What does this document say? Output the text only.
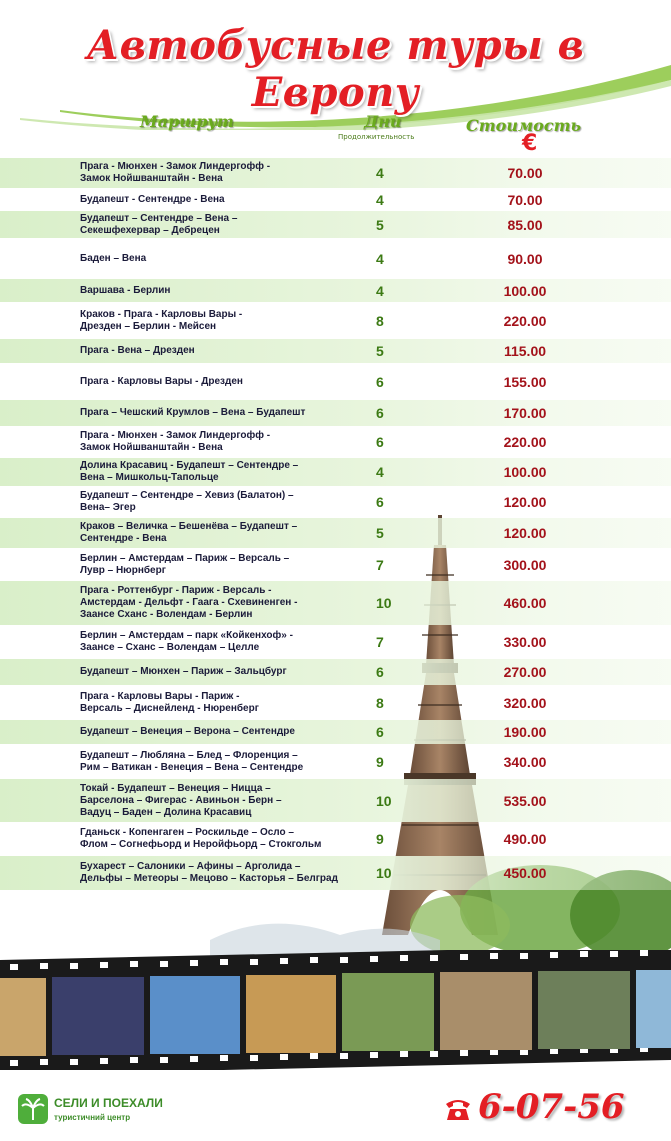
Автобусные туры в Европу
Маршрут	Дни
Продолжительность
Стоимость
€
Прага - Мюнхен - Замок Линдергофф -
Замок Нойшванштайн - Вена	4	70.00
Будапешт - Сентендре - Вена	4	70.00
Будапешт – Сентендре – Вена –
Секешфехервар – Дебрецен	5	85.00
Баден – Вена	4	90.00
Варшава - Берлин	4	100.00
Краков - Прага - Карловы Вары -
Дрезден – Берлин - Мейсен	8	220.00
Прага - Вена – Дрезден	5	115.00
Прага - Карловы Вары - Дрезден	6	155.00
Прага – Чешский Крумлов – Вена – Будапешт	6	170.00
Прага - Мюнхен - Замок Линдергофф -
Замок Нойшванштайн - Вена	6	220.00
Долина Красавиц - Будапешт – Сентендре –
Вена – Мишкольц-Тапольце	4	100.00
Будапешт – Сентендре – Хевиз (Балатон) –
Вена– Эгер	6	120.00
Краков – Величка – Бешенёва – Будапешт –
Сентендре - Вена	5	120.00
Берлин – Амстердам – Париж – Версаль –
Лувр – Нюрнберг	7	300.00
Прага - Роттенбург - Париж - Версаль -
Амстердам - Дельфт - Гаага - Схевиненген -
Заансе Сханс - Волендам - Берлин
10	460.00
Берлин – Амстердам – парк «Койкенхоф» -
Заансе – Сханс – Волендам – Целле	7	330.00
Будапешт – Мюнхен – Париж – Зальцбург	6	270.00
Прага - Карловы Вары - Париж -
Версаль – Диснейленд - Нюренберг	8	320.00
Будапешт – Венеция – Верона – Сентендре	6	190.00
Будапешт – Любляна – Блед – Флоренция –
Рим – Ватикан - Венеция – Вена – Сентендре	9	340.00
Токай - Будапешт – Венеция – Ницца –
Барселона – Фигерас - Авиньон - Берн –
Вадуц – Баден – Долина Красавиц
10	535.00
Гданьск - Копенгаген – Роскильде – Осло –
Флом – Согнефьорд и Неройфьорд – Стокгольм	9	490.00
Бухарест – Салоники – Афины – Арголида –
Дельфы – Метеоры – Мецово – Касторья – Белград	10	450.00
СЕЛИ И ПОЕХАЛИ
туристичний центр	6-07-56
